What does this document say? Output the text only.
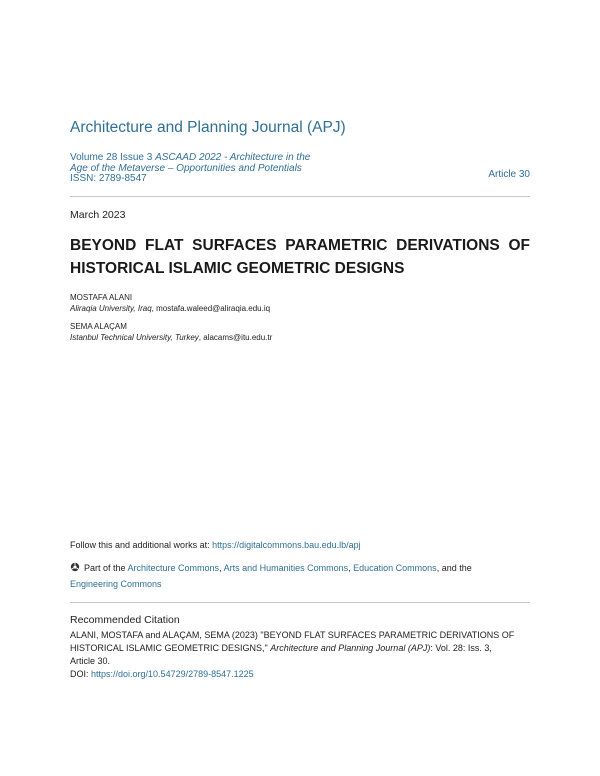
Architecture and Planning Journal (APJ)
Volume 28 Issue 3 ASCAAD 2022 - Architecture in the Age of the Metaverse – Opportunities and Potentials
ISSN: 2789-8547	Article 30
March 2023
BEYOND FLAT SURFACES PARAMETRIC DERIVATIONS OF
HISTORICAL ISLAMIC GEOMETRIC DESIGNS
MOSTAFA ALANI
Aliraqia University, Iraq, mostafa.waleed@aliraqia.edu.iq
SEMA ALAÇAM
Istanbul Technical University, Turkey, alacams@itu.edu.tr
Follow this and additional works at: https://digitalcommons.bau.edu.lb/apj
Part of the Architecture Commons, Arts and Humanities Commons, Education Commons, and the
Engineering Commons
Recommended Citation
ALANI, MOSTAFA and ALAÇAM, SEMA (2023) "BEYOND FLAT SURFACES PARAMETRIC DERIVATIONS OF
HISTORICAL ISLAMIC GEOMETRIC DESIGNS," Architecture and Planning Journal (APJ): Vol. 28: Iss. 3,
Article 30.
DOI: https://doi.org/10.54729/2789-8547.1225
